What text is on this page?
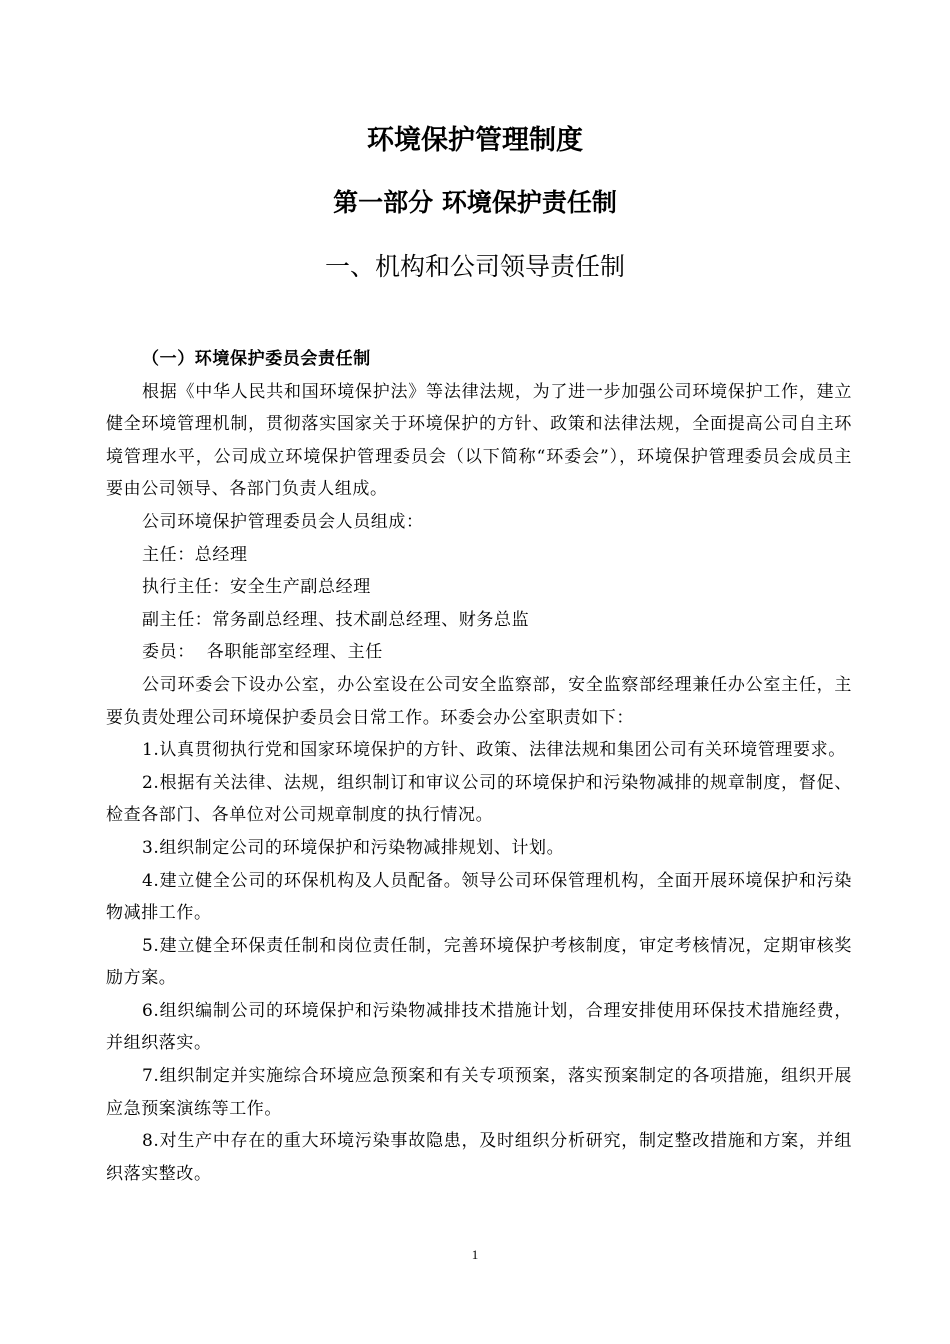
环境保护管理制度
第一部分 环境保护责任制
一、机构和公司领导责任制

（一）环境保护委员会责任制

根据《中华人民共和国环境保护法》等法律法规，为了进一步加强公司环境保护工作，建立健全环境管理机制，贯彻落实国家关于环境保护的方针、政策和法律法规，全面提高公司自主环境管理水平，公司成立环境保护管理委员会（以下简称“环委会”），环境保护管理委员会成员主要由公司领导、各部门负责人组成。

公司环境保护管理委员会人员组成：

主任：总经理

执行主任：安全生产副总经理

副主任：常务副总经理、技术副总经理、财务总监

委员：  各职能部室经理、主任

公司环委会下设办公室，办公室设在公司安全监察部，安全监察部经理兼任办公室主任，主要负责处理公司环境保护委员会日常工作。环委会办公室职责如下：

1.认真贯彻执行党和国家环境保护的方针、政策、法律法规和集团公司有关环境管理要求。

2.根据有关法律、法规，组织制订和审议公司的环境保护和污染物减排的规章制度，督促、检查各部门、各单位对公司规章制度的执行情况。

3.组织制定公司的环境保护和污染物减排规划、计划。

4.建立健全公司的环保机构及人员配备。领导公司环保管理机构，全面开展环境保护和污染物减排工作。

5.建立健全环保责任制和岗位责任制，完善环境保护考核制度，审定考核情况，定期审核奖励方案。

6.组织编制公司的环境保护和污染物减排技术措施计划，合理安排使用环保技术措施经费，并组织落实。

7.组织制定并实施综合环境应急预案和有关专项预案，落实预案制定的各项措施，组织开展应急预案演练等工作。

8.对生产中存在的重大环境污染事故隐患，及时组织分析研究，制定整改措施和方案，并组织落实整改。

1
